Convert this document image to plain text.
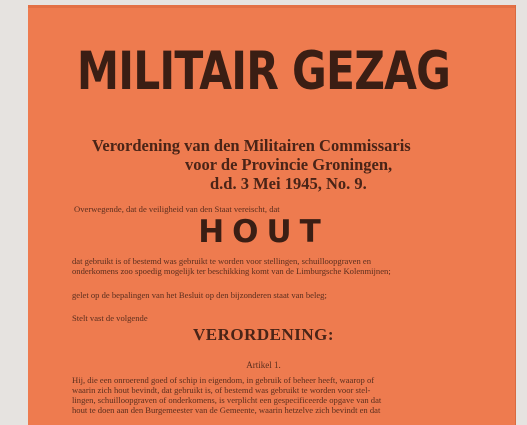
MILITAIR GEZAG
Verordening van den Militairen Commissaris
voor de Provincie Groningen,
d.d. 3 Mei 1945, No. 9.
Overwegende, dat de veiligheid van den Staat vereischt, dat
HOUT
dat gebruikt is of bestemd was gebruikt te worden voor stellingen, schuilloopgraven en
onderkomens zoo spoedig mogelijk ter beschikking komt van de Limburgsche Kolenmijnen;
gelet op de bepalingen van het Besluit op den bijzonderen staat van beleg;
Stelt vast de volgende
VERORDENING:
Artikel 1.
Hij, die een onroerend goed of schip in eigendom, in gebruik of beheer heeft, waarop of
waarin zich hout bevindt, dat gebruikt is, of bestemd was gebruikt te worden voor stel-
lingen, schuilloopgraven of onderkomens, is verplicht een gespecificeerde opgave van dat
hout te doen aan den Burgemeester van de Gemeente, waarin hetzelve zich bevindt en dat
